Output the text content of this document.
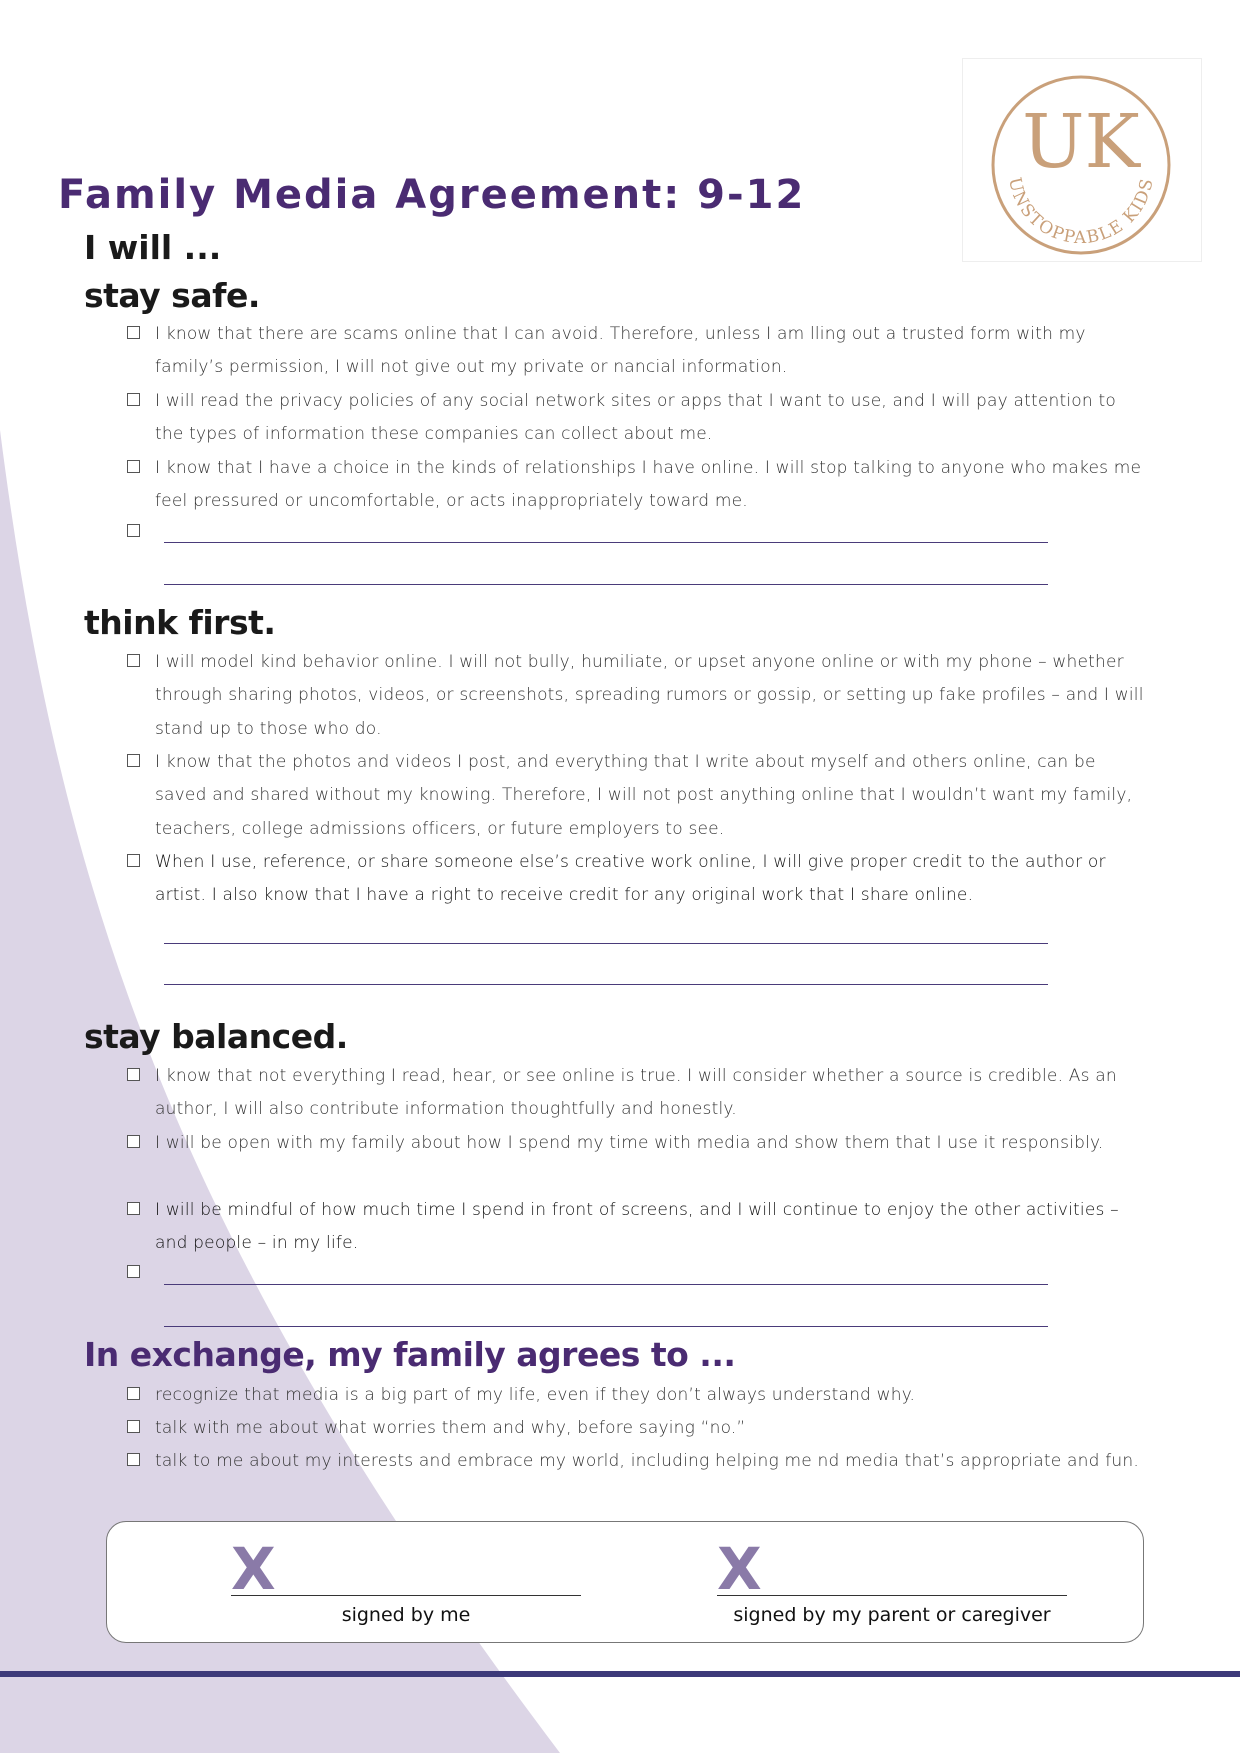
UK
UNSTOPPABLE KIDS
Family Media Agreement: 9-12
I will ...
stay safe.
I know that there are scams online that I can avoid. Therefore, unless I am lling out a trusted form with my family’s permission, I will not give out my private or nancial information.
I will read the privacy policies of any social network sites or apps that I want to use, and I will pay attention to the types of information these companies can collect about me.
I know that I have a choice in the kinds of relationships I have online. I will stop talking to anyone who makes me feel pressured or uncomfortable, or acts inappropriately toward me.
think first.
I will model kind behavior online. I will not bully, humiliate, or upset anyone online or with my phone – whether through sharing photos, videos, or screenshots, spreading rumors or gossip, or setting up fake profiles – and I will stand up to those who do.
I know that the photos and videos I post, and everything that I write about myself and others online, can be saved and shared without my knowing. Therefore, I will not post anything online that I wouldn’t want my family, teachers, college admissions officers, or future employers to see.
When I use, reference, or share someone else’s creative work online, I will give proper credit to the author or artist. I also know that I have a right to receive credit for any original work that I share online.
stay balanced.
I know that not everything I read, hear, or see online is true. I will consider whether a source is credible. As an author, I will also contribute information thoughtfully and honestly.
I will be open with my family about how I spend my time with media and show them that I use it responsibly.
I will be mindful of how much time I spend in front of screens, and I will continue to enjoy the other activities – and people – in my life.
In exchange, my family agrees to ...
recognize that media is a big part of my life, even if they don’t always understand why.
talk with me about what worries them and why, before saying “no.”
talk to me about my interests and embrace my world, including helping me nd media that’s appropriate and fun.
X
signed by me
X
signed by my parent or caregiver
